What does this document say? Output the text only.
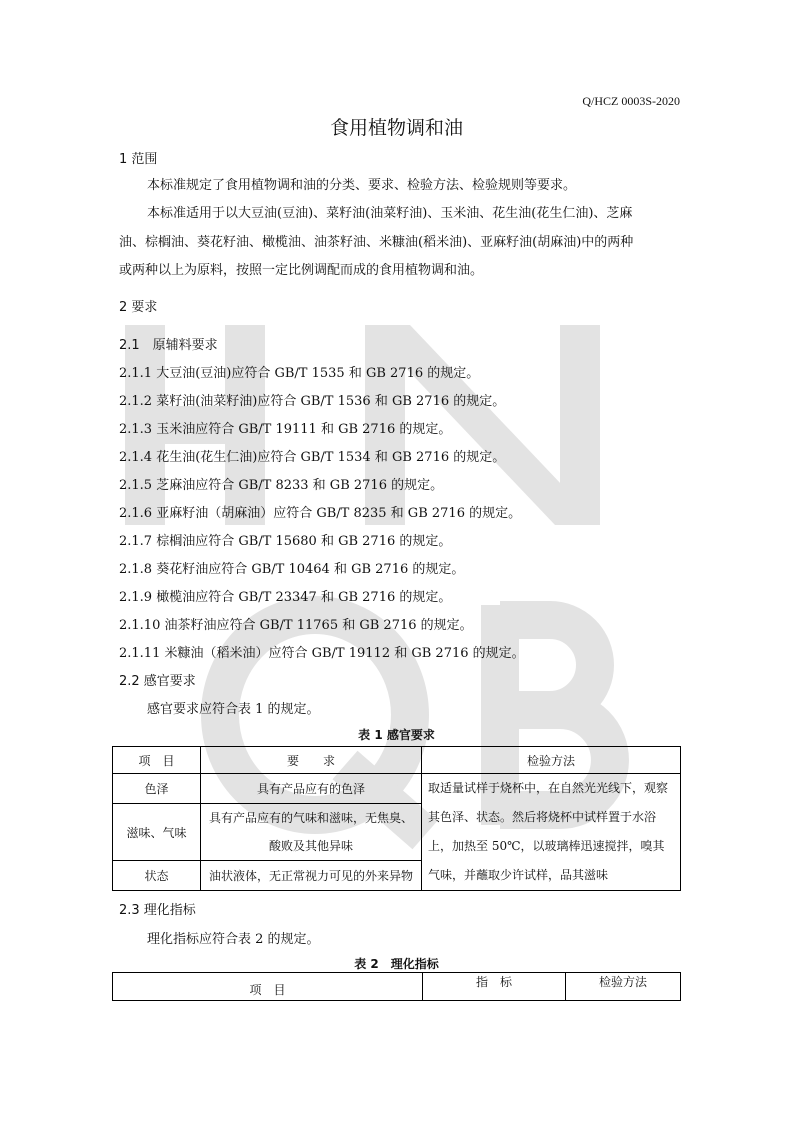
Q/HCZ 0003S-2020
食用植物调和油
1 范围
本标准规定了食用植物调和油的分类、要求、检验方法、检验规则等要求。
本标准适用于以大豆油(豆油)、菜籽油(油菜籽油)、玉米油、花生油(花生仁油)、芝麻
油、棕榈油、葵花籽油、橄榄油、油茶籽油、米糠油(稻米油)、亚麻籽油(胡麻油)中的两种
或两种以上为原料，按照一定比例调配而成的食用植物调和油。
2 要求
2.1　原辅料要求
2.1.1 大豆油(豆油)应符合 GB/T 1535 和 GB 2716 的规定。
2.1.2 菜籽油(油菜籽油)应符合 GB/T 1536 和 GB 2716 的规定。
2.1.3 玉米油应符合 GB/T 19111 和 GB 2716 的规定。
2.1.4 花生油(花生仁油)应符合 GB/T 1534 和 GB 2716 的规定。
2.1.5 芝麻油应符合 GB/T 8233 和 GB 2716 的规定。
2.1.6 亚麻籽油（胡麻油）应符合 GB/T 8235 和 GB 2716 的规定。
2.1.7 棕榈油应符合 GB/T 15680 和 GB 2716 的规定。
2.1.8 葵花籽油应符合 GB/T 10464 和 GB 2716 的规定。
2.1.9 橄榄油应符合 GB/T 23347 和 GB 2716 的规定。
2.1.10 油茶籽油应符合 GB/T 11765 和 GB 2716 的规定。
2.1.11 米糠油（稻米油）应符合 GB/T 19112 和 GB 2716 的规定。
2.2 感官要求
感官要求应符合表 1 的规定。
表 1 感官要求
项　目	要　　求	检验方法
色泽	具有产品应有的色泽	取适量试样于烧杯中，在自然光光线下，观察其色泽、状态。然后将烧杯中试样置于水浴上，加热至 50℃，以玻璃棒迅速搅拌，嗅其气味，并蘸取少许试样，品其滋味
滋味、气味	具有产品应有的气味和滋味，无焦臭、酸败及其他异味	
状态	油状液体，无正常视力可见的外来异物	
2.3 理化指标
理化指标应符合表 2 的规定。
表 2　理化指标
项　目	指　标	检验方法
